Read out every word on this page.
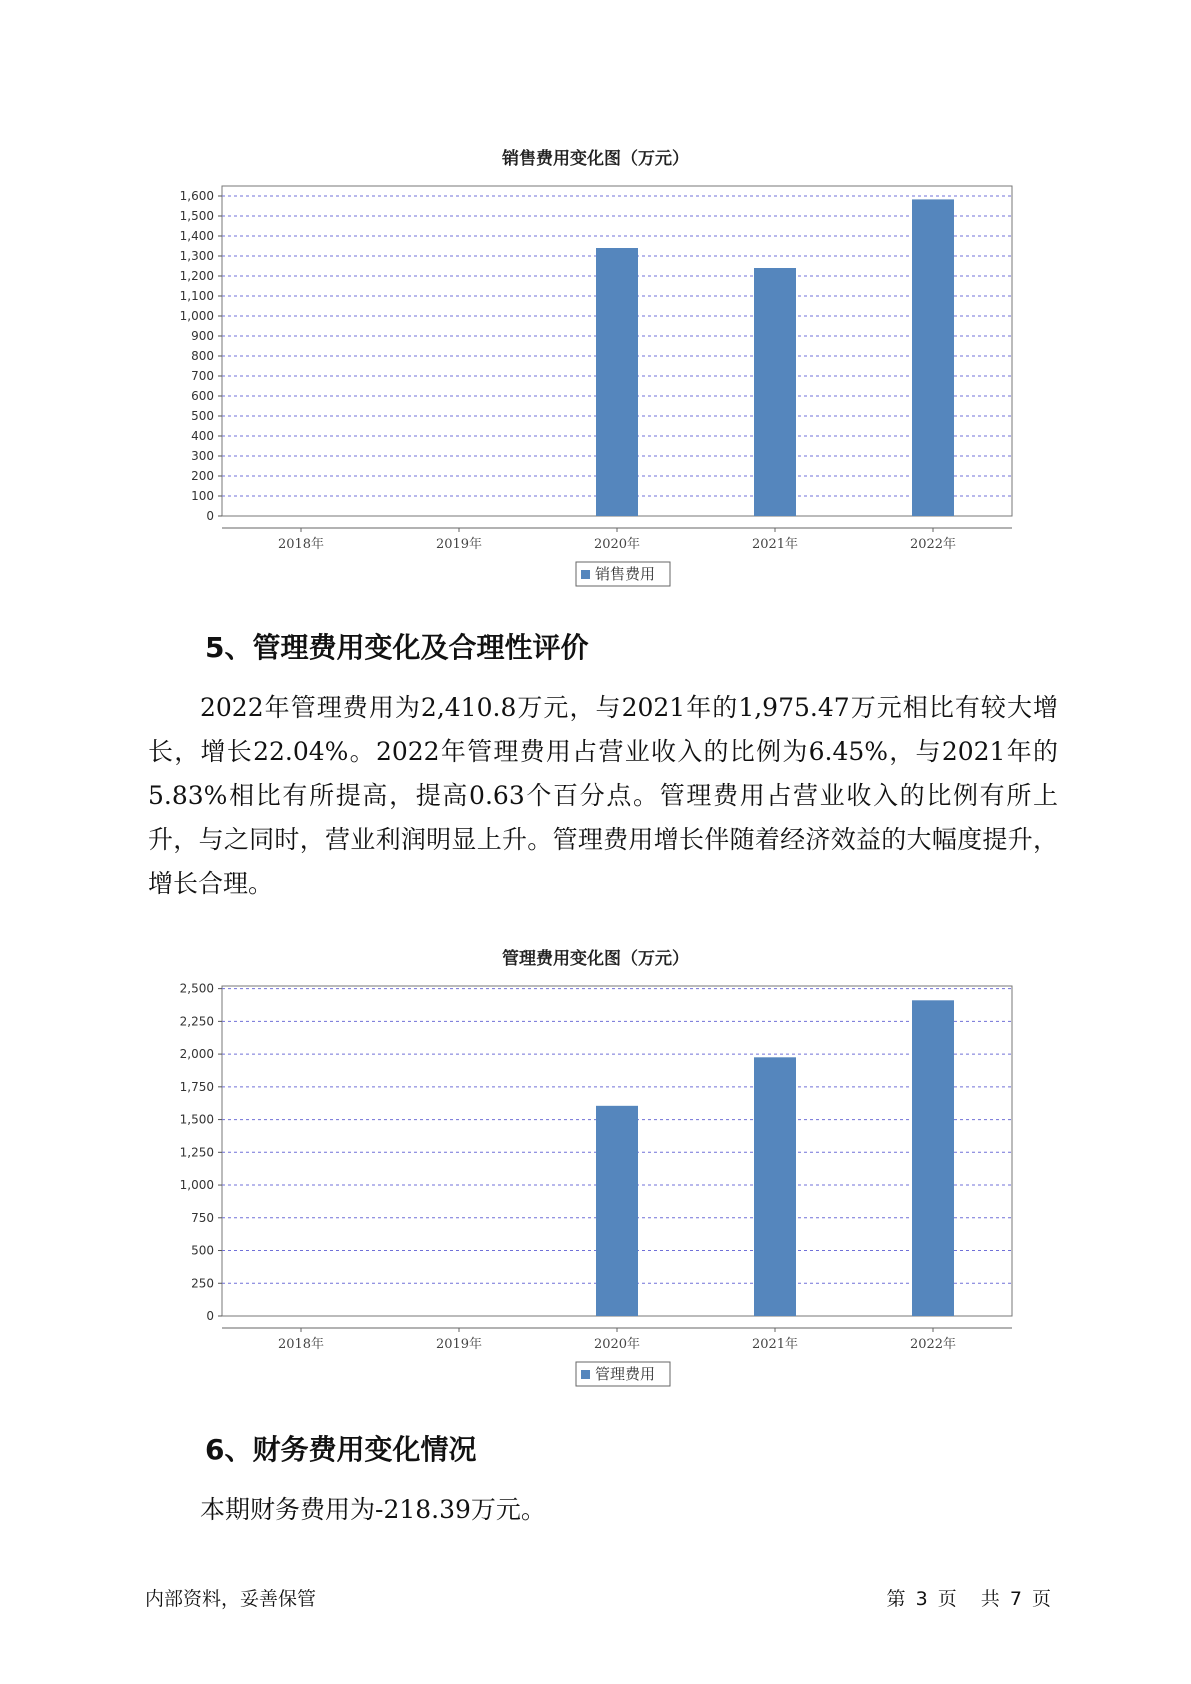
销售费用变化图（万元）
0
100
200
300
400
500
600
700
800
900
1,000
1,100
1,200
1,300
1,400
1,500
1,600
2018年	2019年	2020年	2021年	2022年
销售费用
5、管理费用变化及合理性评价

2022年管理费用为2,410.8万元，与2021年的1,975.47万元相比有较大增长，增长22.04%。2022年管理费用占营业收入的比例为6.45%，与2021年的5.83%相比有所提高，提高0.63个百分点。管理费用占营业收入的比例有所上升，与之同时，营业利润明显上升。管理费用增长伴随着经济效益的大幅度提升，增长合理。

管理费用变化图（万元）
0
250
500
750
1,000
1,250
1,500
1,750
2,000
2,250
2,500
2018年	2019年	2020年	2021年	2022年
管理费用
6、财务费用变化情况

本期财务费用为-218.39万元。

内部资料，妥善保管	第 3 页 共 7 页
